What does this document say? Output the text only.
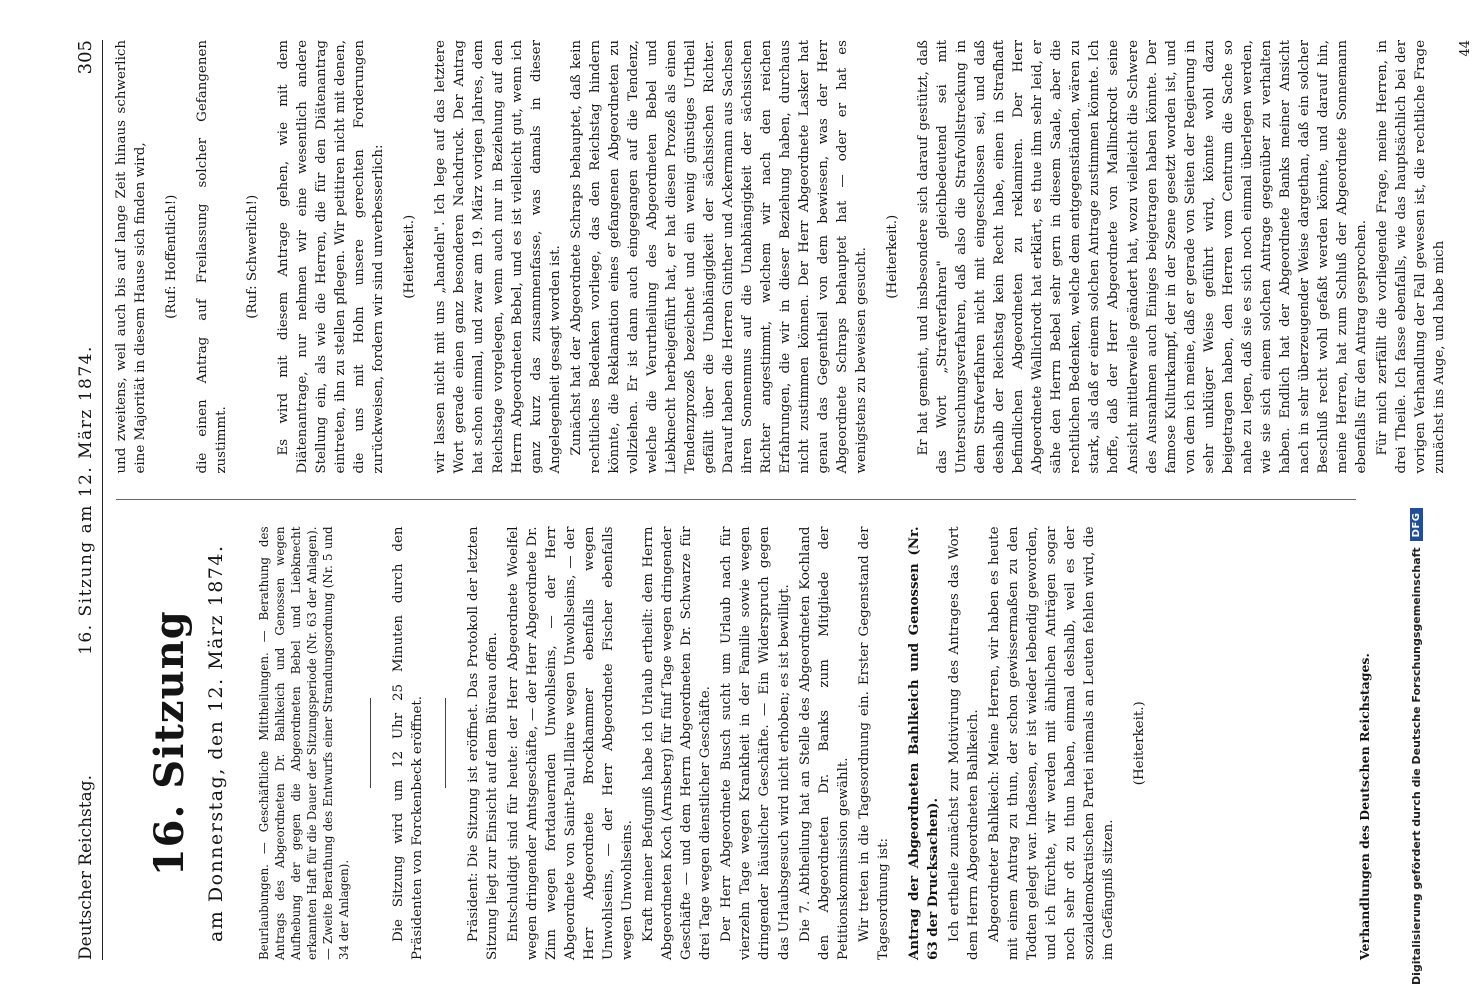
Deutscher Reichstag.
16. Sitzung am 12. März 1874.
305
16. Sitzung am Donnerstag, den 12. März 1874.	Beurlaubungen. — Geschäftliche Mittheilungen. — Berathung des Antrags des Abgeordneten Dr. Bahlkeich und Genossen wegen Aufhebung der gegen die Abgeordneten Bebel und Liebknecht erkannten Haft für die Dauer der Sitzungsperiode (Nr. 63 der Anlagen). — Zweite Berathung des Entwurfs einer Strandungsordnung (Nr. 5 und 34 der Anlagen).	Die Sitzung wird um 12 Uhr 25 Minuten durch den Präsidenten von Forckenbeck eröffnet.	Präsident: Die Sitzung ist eröffnet. Das Protokoll der letzten Sitzung liegt zur Einsicht auf dem Büreau offen. Entschuldigt sind für heute: der Herr Abgeordnete Woelfel wegen dringender Amtsgeschäfte, — der Herr Abgeordnete Dr. Zinn wegen fortdauernden Unwohlseins, — der Herr Abgeordnete von Saint-Paul-Illaire wegen Unwohlseins, — der Herr Abgeordnete Brockhammer ebenfalls wegen Unwohlseins, — der Herr Abgeordnete Fischer ebenfalls wegen Unwohlseins. Kraft meiner Befugniß habe ich Urlaub ertheilt: dem Herrn Abgeordneten Koch (Arnsberg) für fünf Tage wegen dringender Geschäfte — und dem Herrn Abgeordneten Dr. Schwarze für drei Tage wegen dienstlicher Geschäfte. Der Herr Abgeordnete Busch sucht um Urlaub nach für vierzehn Tage wegen Krankheit in der Familie sowie wegen dringender häuslicher Geschäfte. — Ein Widerspruch gegen das Urlaubsgesuch wird nicht erhoben; es ist bewilligt. Die 7. Abtheilung hat an Stelle des Abgeordneten Kochland den Abgeordneten Dr. Banks zum Mitgliede der Petitionskommission gewählt. Wir treten in die Tagesordnung ein. Erster Gegenstand der Tagesordnung ist: Antrag der Abgeordneten Bahlkeich und Genossen (Nr. 63 der Drucksachen). Ich ertheile zunächst zur Motivirung des Antrages das Wort dem Herrn Abgeordneten Bahlkeich. Abgeordneter Bahlkeich: Meine Herren, wir haben es heute mit einem Antrag zu thun, der schon gewissermaßen zu den Todten gelegt war. Indessen, er ist wieder lebendig geworden, und ich fürchte, wir werden mit ähnlichen Anträgen sogar noch sehr oft zu thun haben, einmal deshalb, weil es der sozialdemokratischen Partei niemals an Leuten fehlen wird, die im Gefängniß sitzen.

(Heiterkeit.)

und zweitens, weil auch bis auf lange Zeit hinaus schwerlich eine Majorität in diesem Hause sich finden wird, (Ruf: Hoffentlich!) die einen Antrag auf Freilassung solcher Gefangenen zustimmt.

(Ruf: Schwerlich!) Es wird mit diesem Antrage gehen, wie mit dem Diätenantrage, nur nehmen wir eine wesentlich andere Stellung ein, als wie die Herren, die für den Diätenantrag eintreten, ihn zu stellen pflegen. Wir petitiren nicht mit denen, die uns mit Hohn unsere gerechten Forderungen zurückweisen, fordern wir sind unverbesserlich: (Heiterkeit.) wir lassen nicht mit uns „handeln". Ich lege auf das letztere Wort gerade einen ganz besonderen Nachdruck. Der Antrag hat schon einmal, und zwar am 19. März vorigen Jahres, dem Reichstage vorgelegen, wenn auch nur in Beziehung auf den Herrn Abgeordneten Bebel, und es ist vielleicht gut, wenn ich ganz kurz das zusammenfasse, was damals in dieser Angelegenheit gesagt worden ist. Zunächst hat der Abgeordnete Schraps behauptet, daß kein rechtliches Bedenken vorliege, das den Reichstag hindern könnte, die Reklamation eines gefangenen Abgeordneten zu vollziehen. Er ist dann auch eingegangen auf die Tendenz, welche die Verurtheilung des Abgeordneten Bebel und Liebknecht herbeigeführt hat, er hat diesen Prozeß als einen Tendenzprozeß bezeichnet und ein wenig günstiges Urtheil gefällt über die Unabhängigkeit der sächsischen Richter. Darauf haben die Herren Ginther und Ackermann aus Sachsen ihren Sonnenmus auf die Unabhängigkeit der sächsischen Richter angestimmt, welchem wir nach den reichen Erfahrungen, die wir in dieser Beziehung haben, durchaus nicht zustimmen können. Der Herr Abgeordnete Lasker hat genau das Gegentheil von dem bewiesen, was der Herr Abgeordnete Schraps behauptet hat — oder er hat es wenigstens zu beweisen gesucht. (Heiterkeit.) Er hat gemeint, und insbesondere sich darauf gestützt, daß das Wort „Strafverfahren" gleichbedeutend sei mit Untersuchungsverfahren, daß also die Strafvollstreckung in dem Strafverfahren nicht mit eingeschlossen sei, und daß deshalb der Reichstag kein Recht habe, einen in Strafhaft befindlichen Abgeordneten zu reklamiren. Der Herr Abgeordnete Wallichrodt hat erklärt, es thue ihm sehr leid, er sähe den Herrn Bebel sehr gern in diesem Saale, aber die rechtlichen Bedenken, welche dem entgegenständen, wären zu stark, als daß er einem solchen Antrage zustimmen könnte. Ich hoffe, daß der Herr Abgeordnete von Mallinckrodt seine Ansicht mittlerweile geändert hat, wozu vielleicht die Schwere des Ausnahmen auch Einiges beigetragen haben könnte. Der famose Kulturkampf, der in der Szene gesetzt worden ist, und von dem ich meine, daß er gerade von Seiten der Regierung in sehr unklüger Weise geführt wird, könnte wohl dazu beigetragen haben, den Herren vom Centrum die Sache so nahe zu legen, daß sie es sich noch einmal überlegen werden, wie sie sich einem solchen Antrage gegenüber zu verhalten haben. Endlich hat der Abgeordnete Banks meiner Ansicht nach in sehr überzeugender Weise dargethan, daß ein solcher Beschluß recht wohl gefaßt werden könnte, und darauf hin, meine Herren, hat zum Schluß der Abgeordnete Sonnemann ebenfalls für den Antrag gesprochen. Für mich zerfällt die vorliegende Frage, meine Herren, in drei Theile. Ich fasse ebenfalls, wie das hauptsächlich bei der vorigen Verhandlung der Fall gewesen ist, die rechtliche Frage zunächst ins Auge, und habe mich

44
Verhandlungen des Deutschen Reichstages.	Digitalisierung gefördert durch die Deutsche Forschungsgemeinschaft
DFG
